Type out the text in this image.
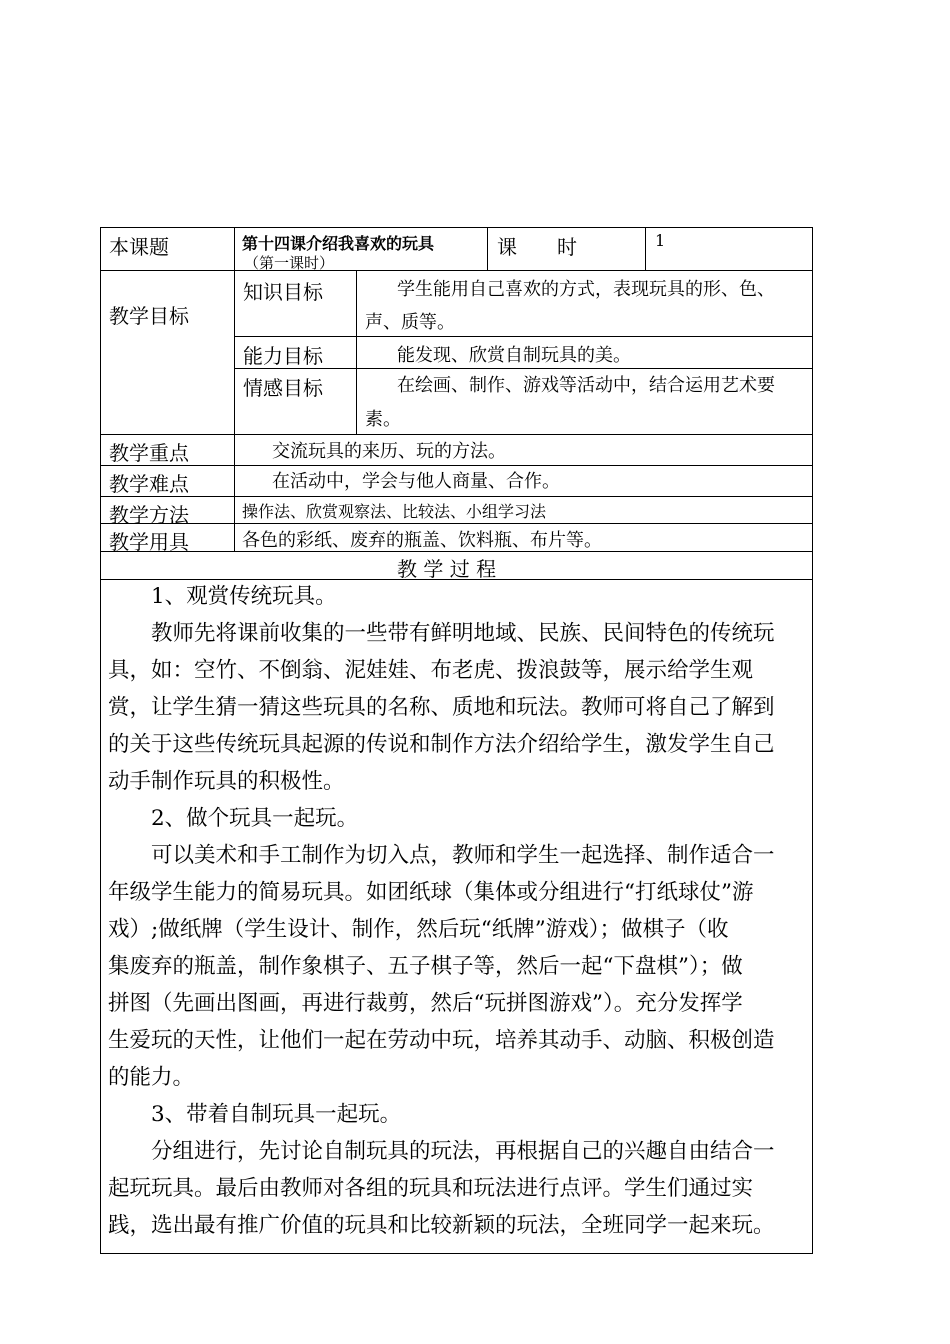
本课题	第十四课介绍我喜欢的玩具
（第一课时）
课　　时	1
教学目标
知识目标	学生能用自己喜欢的方式，表现玩具的形、色、
声、质等。
能力目标	能发现、欣赏自制玩具的美。
情感目标	在绘画、制作、游戏等活动中，结合运用艺术要
素。
教学重点	交流玩具的来历、玩的方法。
教学难点	在活动中，学会与他人商量、合作。
教学方法	操作法、欣赏观察法、比较法、小组学习法
教学用具	各色的彩纸、废弃的瓶盖、饮料瓶、布片等。
教 学 过 程

1、观赏传统玩具。

教师先将课前收集的一些带有鲜明地域、民族、民间特色的传统玩

具，如：空竹、不倒翁、泥娃娃、布老虎、拨浪鼓等，展示给学生观

赏，让学生猜一猜这些玩具的名称、质地和玩法。教师可将自己了解到

的关于这些传统玩具起源的传说和制作方法介绍给学生，激发学生自己

动手制作玩具的积极性。

2、做个玩具一起玩。

可以美术和手工制作为切入点，教师和学生一起选择、制作适合一

年级学生能力的简易玩具。如团纸球（集体或分组进行“打纸球仗”游

戏）;做纸牌（学生设计、制作，然后玩“纸牌”游戏）；做棋子（收

集废弃的瓶盖，制作象棋子、五子棋子等，然后一起“下盘棋”）；做

拼图（先画出图画，再进行裁剪，然后“玩拼图游戏”）。充分发挥学

生爱玩的天性，让他们一起在劳动中玩，培养其动手、动脑、积极创造

的能力。

3、带着自制玩具一起玩。

分组进行，先讨论自制玩具的玩法，再根据自己的兴趣自由结合一

起玩玩具。最后由教师对各组的玩具和玩法进行点评。学生们通过实

践，选出最有推广价值的玩具和比较新颖的玩法，全班同学一起来玩。
